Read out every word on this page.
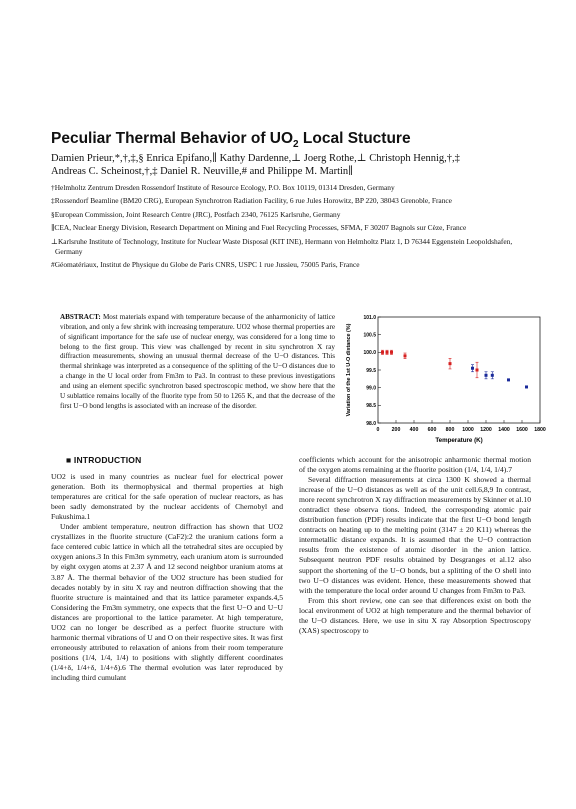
Peculiar Thermal Behavior of $UO_2$ Local Stucture
Damien Prieur,*,†,‡,§ Enrica Epifano,∥ Kathy Dardenne,⊥ Joerg Rothe,⊥ Christoph Hennig,†,‡
Andreas C. Scheinost,†,‡ Daniel R. Neuville,# and Philippe M. Martin∥
†Helmholtz Zentrum Dresden Rossendorf Institute of Resource Ecology, P.O. Box 10119, 01314 Dresden, Germany
‡Rossendorf Beamline (BM20 CRG), European Synchrotron Radiation Facility, 6 rue Jules Horowitz, BP 220, 38043 Grenoble, France
§European Commission, Joint Research Centre (JRC), Postfach 2340, 76125 Karlsruhe, Germany
∥CEA, Nuclear Energy Division, Research Department on Mining and Fuel Recycling Processes, SFMA, F 30207 Bagnols sur Cèze, France
⊥Karlsruhe Institute of Technology, Institute for Nuclear Waste Disposal (KIT INE), Hermann von Helmholtz Platz 1, D 76344 Eggenstein Leopoldshafen, Germany
#Géomatériaux, Institut de Physique du Globe de Paris CNRS, USPC 1 rue Jussieu, 75005 Paris, France
ABSTRACT: Most materials expand with temperature because of the anharmonicity of lattice vibration, and only a few shrink with increasing temperature. UO2 whose thermal properties are of significant importance for the safe use of nuclear energy, was considered for a long time to belong to the first group. This view was challenged by recent in situ synchrotron X ray diffraction measurements, showing an unusual thermal decrease of the U−O distances. This thermal shrinkage was interpreted as a consequence of the splitting of the U−O distances due to a change in the U local order from Fm3m to Pa3. In contrast to these previous investigations and using an element specific synchrotron based spectroscopic method, we show here that the U sublattice remains locally of the fluorite type from 50 to 1265 K, and that the decrease of the first U−O bond lengths is associated with an increase of the disorder.
0 200 400 600 800 1000 1200 1400 1600 1800
98.0
98.5
99.0
99.5
100.0
100.5
101.0
Temperature (K)
Variation of the 1st U-O distance (%)
■ INTRODUCTION

UO2 is used in many countries as nuclear fuel for electrical power generation. Both its thermophysical and thermal properties at high temperatures are critical for the safe operation of nuclear reactors, as has been sadly demonstrated by the nuclear accidents of Chernobyl and Fukushima.1

Under ambient temperature, neutron diffraction has shown that UO2 crystallizes in the fluorite structure (CaF2):2 the uranium cations form a face centered cubic lattice in which all the tetrahedral sites are occupied by oxygen anions.3 In this Fm3m symmetry, each uranium atom is surrounded by eight oxygen atoms at 2.37 Å and 12 second neighbor uranium atoms at 3.87 Å. The thermal behavior of the UO2 structure has been studied for decades notably by in situ X ray and neutron diffraction showing that the fluorite structure is maintained and that its lattice parameter expands.4,5 Considering the Fm3m symmetry, one expects that the first U−O and U−U distances are proportional to the lattice parameter. At high temperature, UO2 can no longer be described as a perfect fluorite structure with harmonic thermal vibrations of U and O on their respective sites. It was first erroneously attributed to relaxation of anions from their room temperature positions (1/4, 1/4, 1/4) to positions with slightly different coordinates (1/4+δ, 1/4+δ, 1/4+δ).6 The thermal evolution was later reproduced by including third cumulant

coefficients which account for the anisotropic anharmonic thermal motion of the oxygen atoms remaining at the fluorite position (1/4, 1/4, 1/4).7

Several diffraction measurements at circa 1300 K showed a thermal increase of the U−O distances as well as of the unit cell.6,8,9 In contrast, more recent synchrotron X ray diffraction measurements by Skinner et al.10 contradict these observa tions. Indeed, the corresponding atomic pair distribution function (PDF) results indicate that the first U−O bond length contracts on heating up to the melting point (3147 ± 20 K11) whereas the intermetallic distance expands. It is assumed that the U−O contraction results from the existence of atomic disorder in the anion lattice. Subsequent neutron PDF results obtained by Desgranges et al.12 also support the shortening of the U−O bonds, but a splitting of the O shell into two U−O distances was evident. Hence, these measurements showed that with the temperature the local order around U changes from Fm3m to Pa3.

From this short review, one can see that differences exist on both the local environment of UO2 at high temperature and the thermal behavior of the U−O distances. Here, we use in situ X ray Absorption Spectroscopy (XAS) spectroscopy to
